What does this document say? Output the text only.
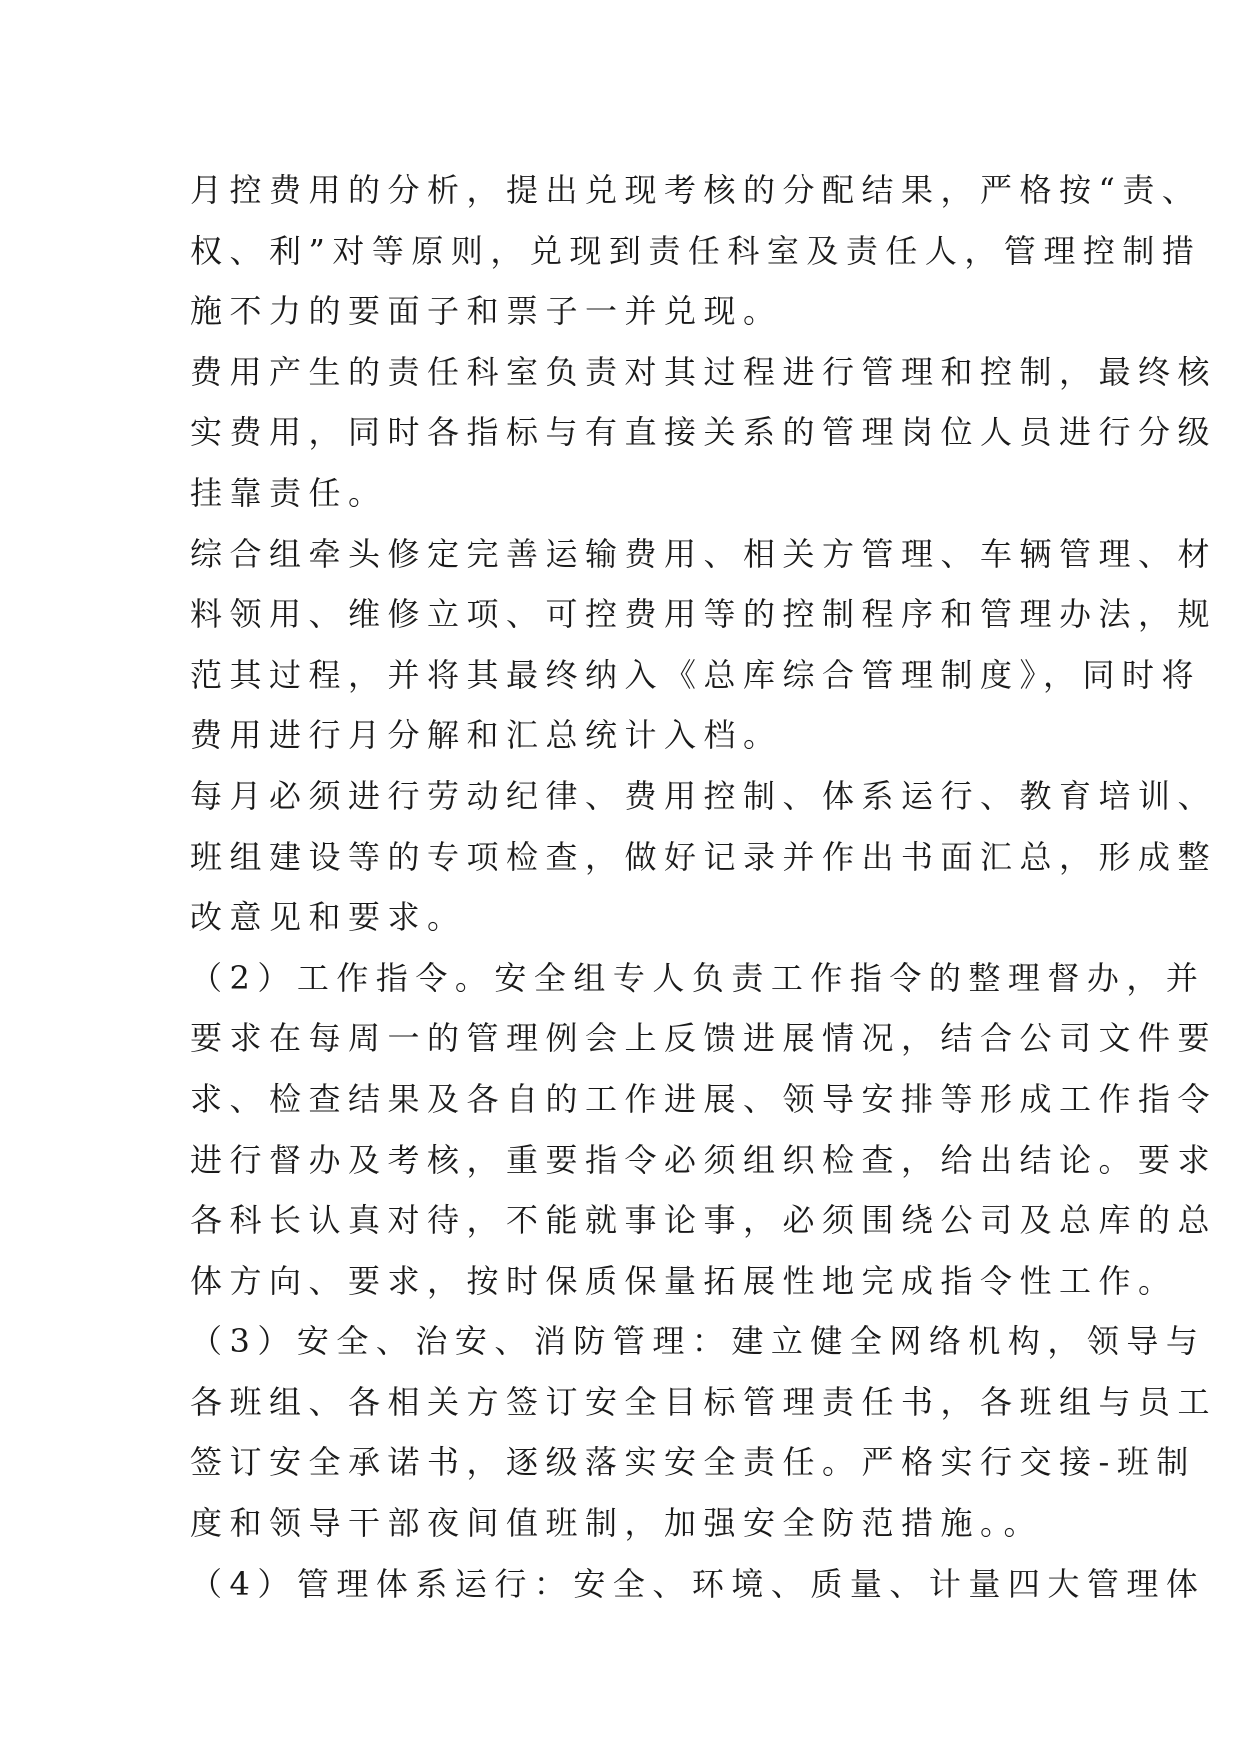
月控费用的分析，提出兑现考核的分配结果，严格按“责、
权、利”对等原则，兑现到责任科室及责任人，管理控制措
施不力的要面子和票子一并兑现。
费用产生的责任科室负责对其过程进行管理和控制，最终核
实费用，同时各指标与有直接关系的管理岗位人员进行分级
挂靠责任。
综合组牵头修定完善运输费用、相关方管理、车辆管理、材
料领用、维修立项、可控费用等的控制程序和管理办法，规
范其过程，并将其最终纳入《总库综合管理制度》，同时将
费用进行月分解和汇总统计入档。
每月必须进行劳动纪律、费用控制、体系运行、教育培训、
班组建设等的专项检查，做好记录并作出书面汇总，形成整
改意见和要求。
（2）工作指令。安全组专人负责工作指令的整理督办，并
要求在每周一的管理例会上反馈进展情况，结合公司文件要
求、检查结果及各自的工作进展、领导安排等形成工作指令
进行督办及考核，重要指令必须组织检查，给出结论。要求
各科长认真对待，不能就事论事，必须围绕公司及总库的总
体方向、要求，按时保质保量拓展性地完成指令性工作。
（3）安全、治安、消防管理：建立健全网络机构，领导与
各班组、各相关方签订安全目标管理责任书，各班组与员工
签订安全承诺书，逐级落实安全责任。严格实行交接-班制
度和领导干部夜间值班制，加强安全防范措施。。
（4）管理体系运行：安全、环境、质量、计量四大管理体
